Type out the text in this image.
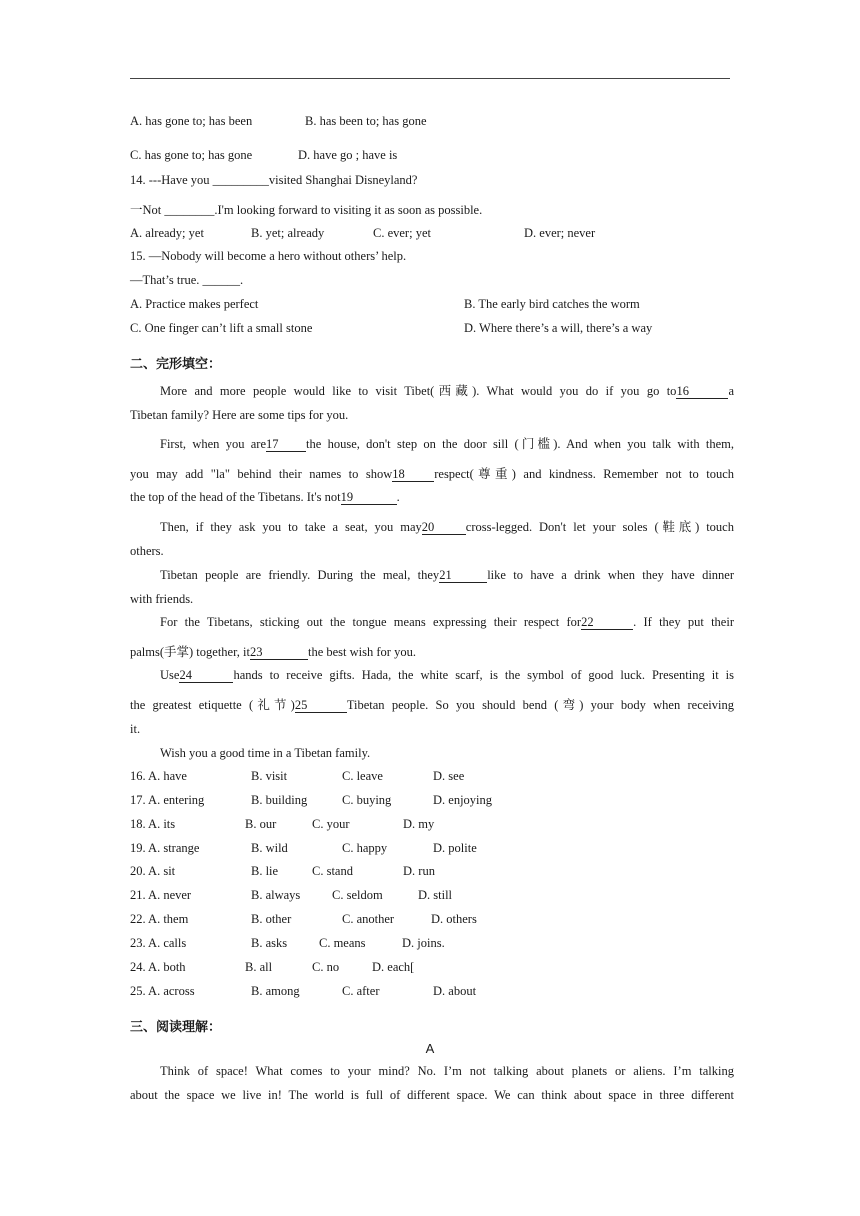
A. has gone to; has been	B. has been to; has gone
C. has gone to; has gone	D. have go ; have is
14. ---Have you _________visited Shanghai Disneyland?
一Not ________.I'm looking forward to visiting it as soon as possible.
A. already; yet	B. yet; already	C. ever; yet	D. ever; never
15. —Nobody will become a hero without others’ help.
—That’s true. ______.
A. Practice makes perfect	B. The early bird catches the worm
C. One finger can’t lift a small stone	D. Where there’s a will, there’s a way
二、完形填空：
More and more people would like to visit Tibet(西藏). What would you do if you go to16	a
Tibetan family? Here are some tips for you.
First, when you are17 the house, don't step on the door sill (门槛). And when you talk with them,
you may add "la" behind their names to show18 respect(尊重) and kindness. Remember not to touch
the top of the head of the Tibetans. It's not19	.
Then, if they ask you to take a seat, you may20	cross-legged. Don't let your soles (鞋底) touch
others.
Tibetan people are friendly. During the meal, they21	like to have a drink when they have dinner
with friends.
For the Tibetans, sticking out the tongue means expressing their respect for22	. If they put their
palms(手掌) together, it23	the best wish for you.
Use24	hands to receive gifts. Hada, the white scarf, is the symbol of good luck. Presenting it is
the greatest etiquette (礼节)25	Tibetan people. So you should bend (弯) your body when receiving
it.
Wish you a good time in a Tibetan family.
16. A. have	B. visit	C. leave	D. see
17. A. entering	B. building	C. buying	D. enjoying
18. A. its	B. our	C. your	D. my
19. A. strange	B. wild	C. happy	D. polite
20. A. sit	B. lie	C. stand	D. run
21. A. never	B. always	C. seldom	D. still
22. A. them	B. other	C. another	D. others
23. A. calls	B. asks	C. means	D. joins.
24. A. both	B. all	C. no	D. each[
25. A. across	B. among	C. after	D. about
三、阅读理解：
A
Think of space! What comes to your mind? No. I’m not talking about planets or aliens. I’m talking
about the space we live in! The world is full of different space. We can think about space in three different
